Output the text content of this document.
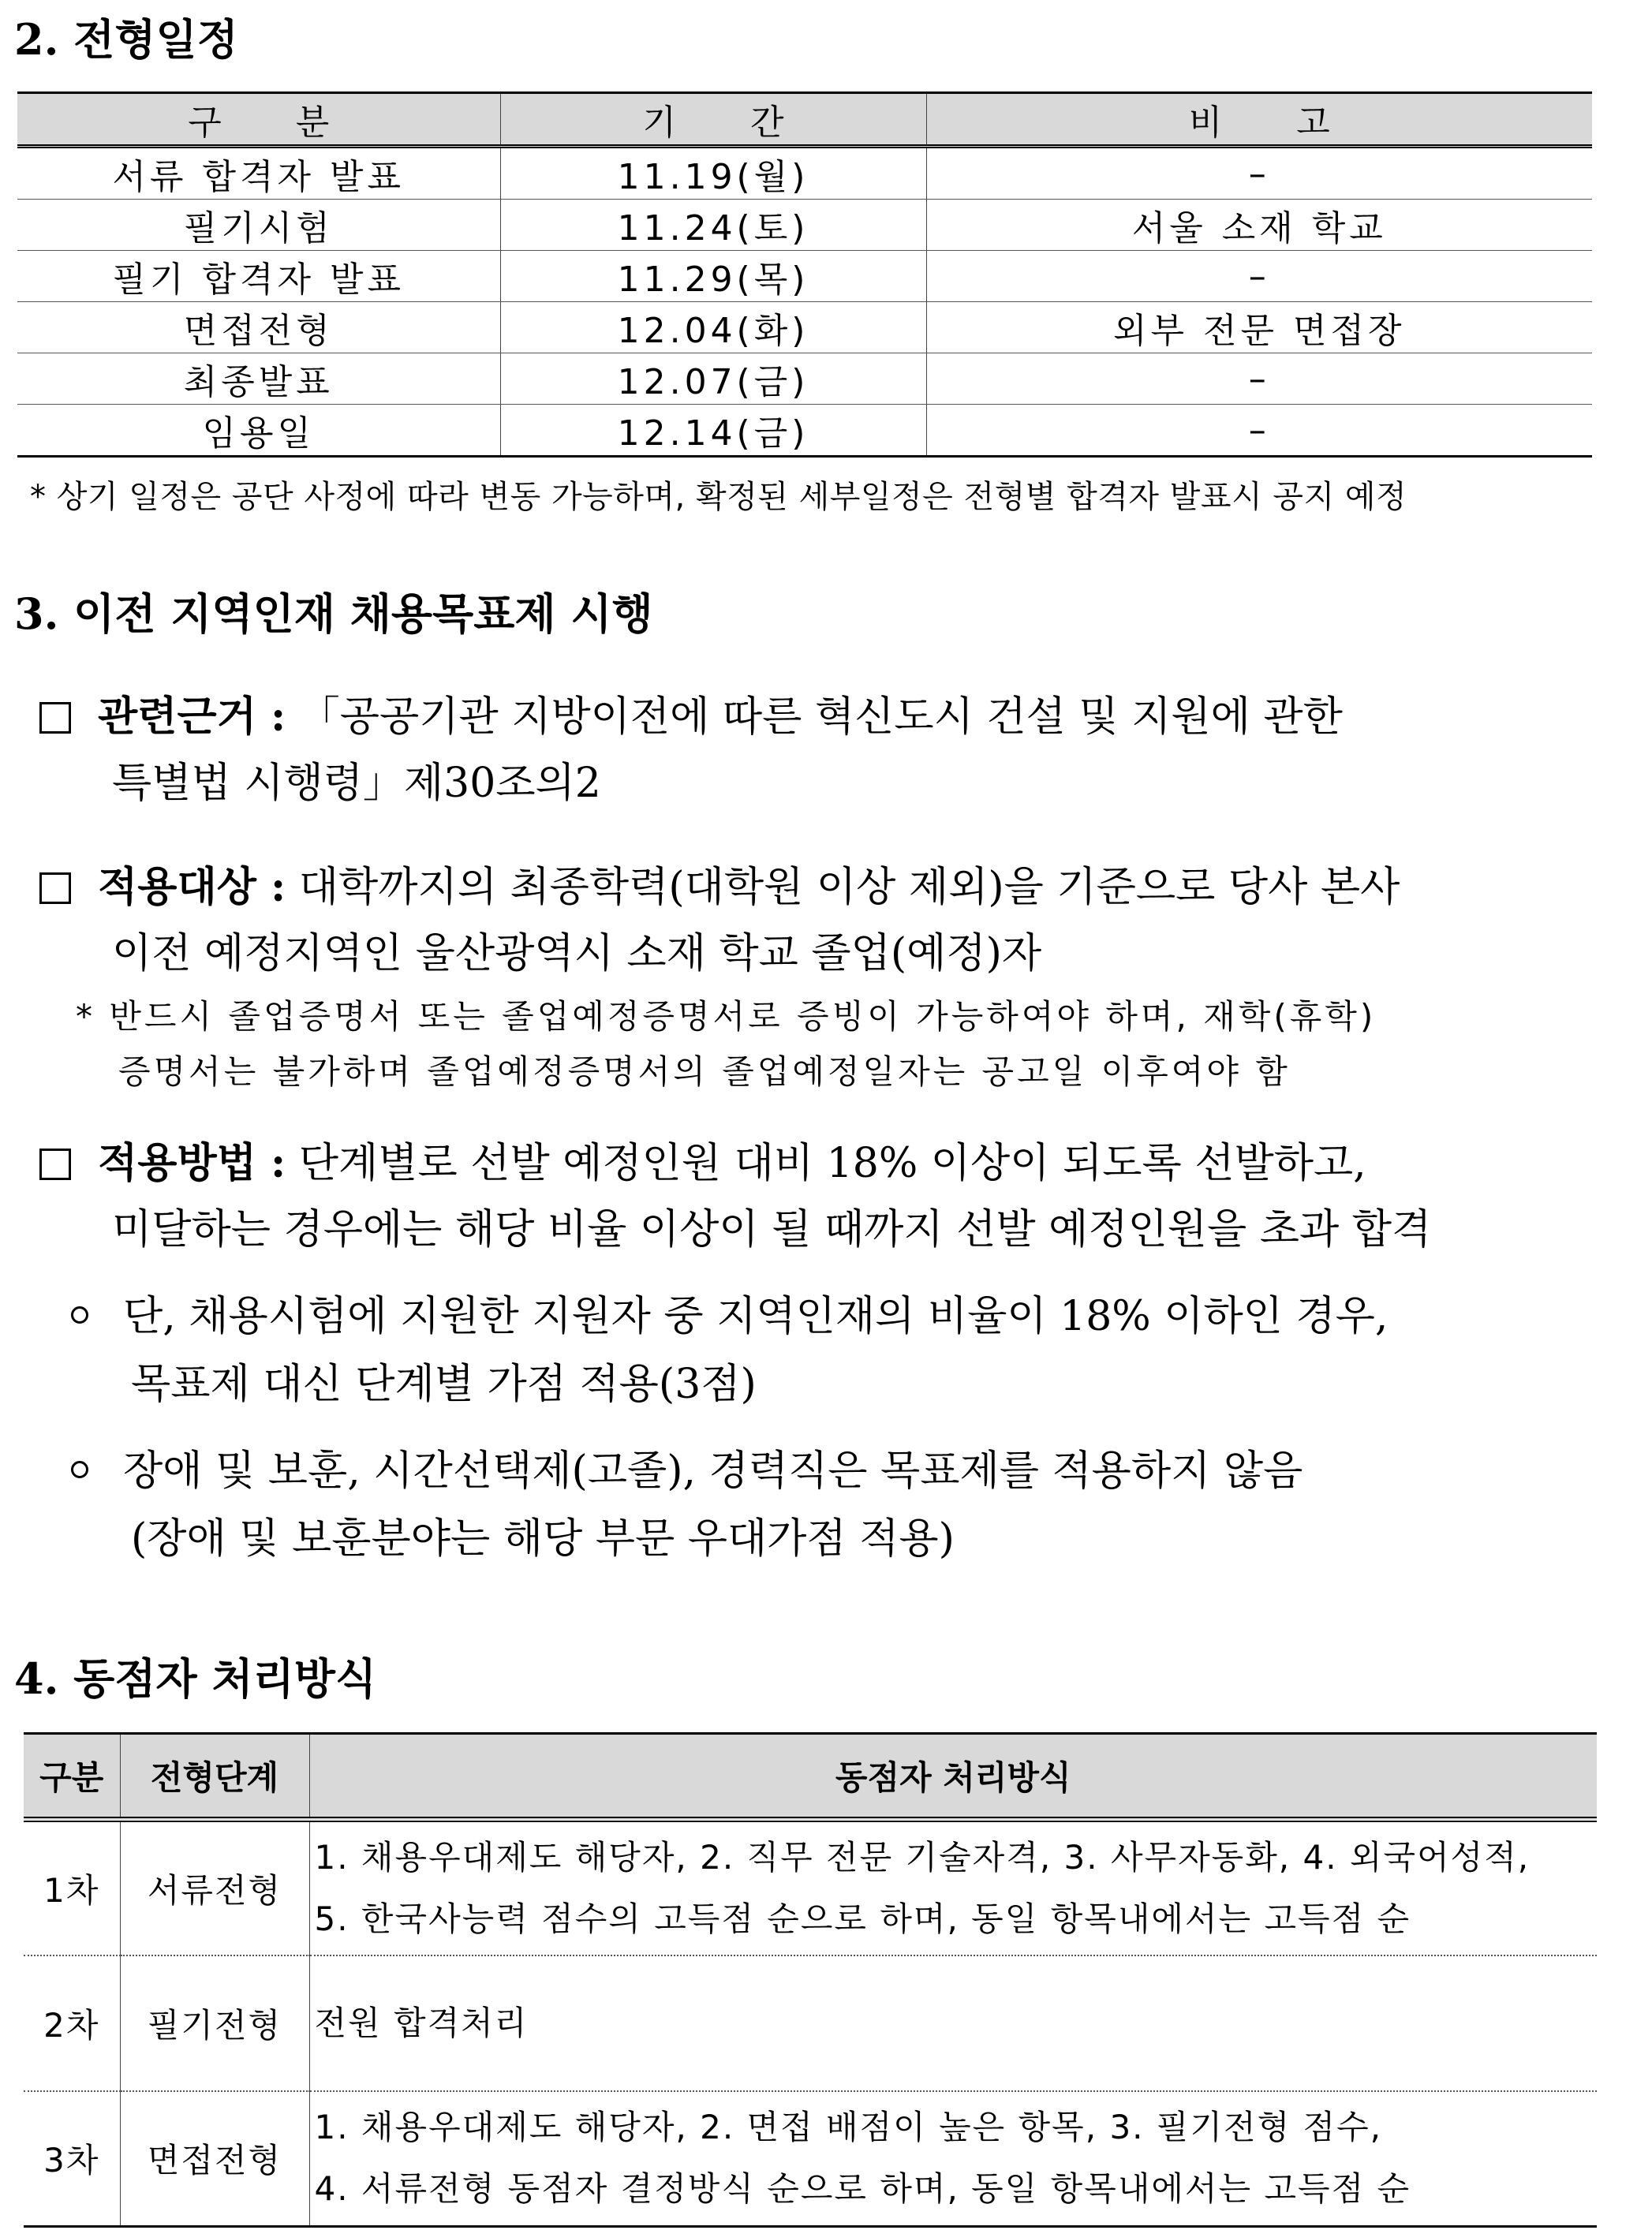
2. 전형일정
구 분	기 간	비 고
서류 합격자 발표	11.19(월)	–
필기시험	11.24(토)	서울 소재 학교
필기 합격자 발표	11.29(목)	–
면접전형	12.04(화)	외부 전문 면접장
최종발표	12.07(금)	–
임용일	12.14(금)	–
* 상기 일정은 공단 사정에 따라 변동 가능하며, 확정된 세부일정은 전형별 합격자 발표시 공지 예정
3. 이전 지역인재 채용목표제 시행
관련근거 : 「공공기관 지방이전에 따른 혁신도시 건설 및 지원에 관한
특별법 시행령」제30조의2
적용대상 : 대학까지의 최종학력(대학원 이상 제외)을 기준으로 당사 본사
이전 예정지역인 울산광역시 소재 학교 졸업(예정)자
* 반드시 졸업증명서 또는 졸업예정증명서로 증빙이 가능하여야 하며, 재학(휴학)
증명서는 불가하며 졸업예정증명서의 졸업예정일자는 공고일 이후여야 함
적용방법 : 단계별로 선발 예정인원 대비 18% 이상이 되도록 선발하고,
미달하는 경우에는 해당 비율 이상이 될 때까지 선발 예정인원을 초과 합격
단, 채용시험에 지원한 지원자 중 지역인재의 비율이 18% 이하인 경우,
목표제 대신 단계별 가점 적용(3점)
장애 및 보훈, 시간선택제(고졸), 경력직은 목표제를 적용하지 않음
(장애 및 보훈분야는 해당 부문 우대가점 적용)
4. 동점자 처리방식
구분	전형단계	동점자 처리방식
1차	서류전형	1. 채용우대제도 해당자, 2. 직무 전문 기술자격, 3. 사무자동화, 4. 외국어성적,
5. 한국사능력 점수의 고득점 순으로 하며, 동일 항목내에서는 고득점 순

2차	필기전형	전원 합격처리

3차	면접전형	1. 채용우대제도 해당자, 2. 면접 배점이 높은 항목, 3. 필기전형 점수,
4. 서류전형 동점자 결정방식 순으로 하며, 동일 항목내에서는 고득점 순
